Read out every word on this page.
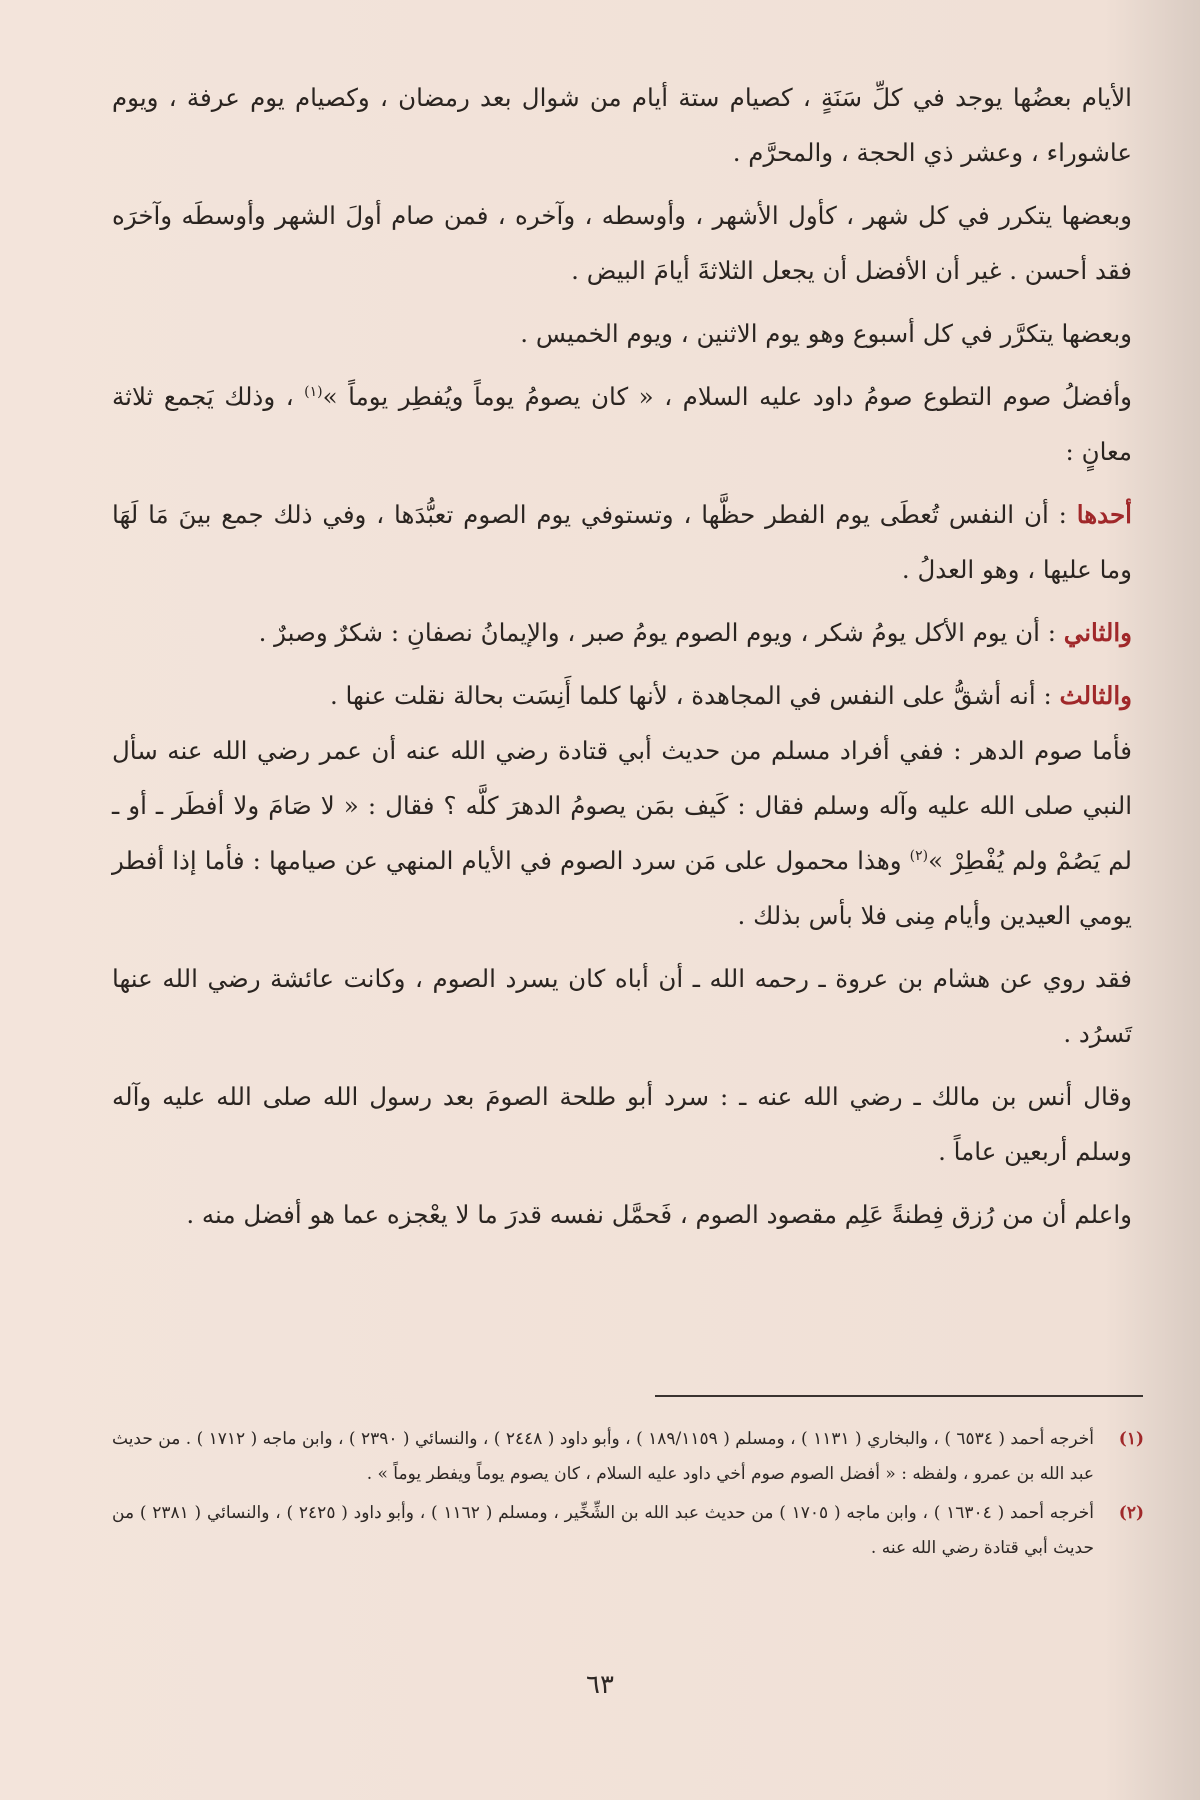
الأيام بعضُها يوجد في كلِّ سَنَةٍ ، كصيام ستة أيام من شوال بعد رمضان ، وكصيام يوم عرفة ، ويوم عاشوراء ، وعشر ذي الحجة ، والمحرَّم .

وبعضها يتكرر في كل شهر ، كأول الأشهر ، وأوسطه ، وآخره ، فمن صام أولَ الشهر وأوسطَه وآخرَه فقد أحسن . غير أن الأفضل أن يجعل الثلاثةَ أيامَ البيض .

وبعضها يتكرَّر في كل أسبوع وهو يوم الاثنين ، ويوم الخميس .

وأفضلُ صوم التطوع صومُ داود عليه السلام ، « كان يصومُ يوماً ويُفطِر يوماً »$^{(١)}$ ، وذلك يَجمع ثلاثة معانٍ :

أحدها : أن النفس تُعطَى يوم الفطر حظَّها ، وتستوفي يوم الصوم تعبُّدَها ، وفي ذلك جمع بينَ مَا لَهَا وما عليها ، وهو العدلُ .

والثاني : أن يوم الأكل يومُ شكر ، ويوم الصوم يومُ صبر ، والإيمانُ نصفانِ : شكرٌ وصبرٌ .

والثالث : أنه أشقُّ على النفس في المجاهدة ، لأنها كلما أَنِسَت بحالة نقلت عنها .

فأما صوم الدهر : ففي أفراد مسلم من حديث أبي قتادة رضي الله عنه أن عمر رضي الله عنه سأل النبي صلى الله عليه وآله وسلم فقال : كَيف بمَن يصومُ الدهرَ كلَّه ؟ فقال : « لا صَامَ ولا أفطَر ـ أو ـ لم يَصُمْ ولم يُفْطِرْ »$^{(٢)}$ وهذا محمول على مَن سرد الصوم في الأيام المنهي عن صيامها : فأما إذا أفطر يومي العيدين وأيام مِنى فلا بأس بذلك .

فقد روي عن هشام بن عروة ـ رحمه الله ـ أن أباه كان يسرد الصوم ، وكانت عائشة رضي الله عنها تَسرُد .

وقال أنس بن مالك ـ رضي الله عنه ـ : سرد أبو طلحة الصومَ بعد رسول الله صلى الله عليه وآله وسلم أربعين عاماً .

واعلم أن من رُزق فِطنةً عَلِم مقصود الصوم ، فَحمَّل نفسه قدرَ ما لا يعْجزه عما هو أفضل منه .

(١)
أخرجه أحمد ( ٦٥٣٤ ) ، والبخاري ( ١١٣١ ) ، ومسلم ( ١٨٩/١١٥٩ ) ، وأبو داود ( ٢٤٤٨ ) ، والنسائي ( ٢٣٩٠ ) ، وابن ماجه ( ١٧١٢ ) . من حديث عبد الله بن عمرو ، ولفظه : « أفضل الصوم صوم أخي داود عليه السلام ، كان يصوم يوماً ويفطر يوماً » .
(٢)
أخرجه أحمد ( ١٦٣٠٤ ) ، وابن ماجه ( ١٧٠٥ ) من حديث عبد الله بن الشِّخِّير ، ومسلم ( ١١٦٢ ) ، وأبو داود ( ٢٤٢٥ ) ، والنسائي ( ٢٣٨١ ) من حديث أبي قتادة رضي الله عنه .
٦٣
